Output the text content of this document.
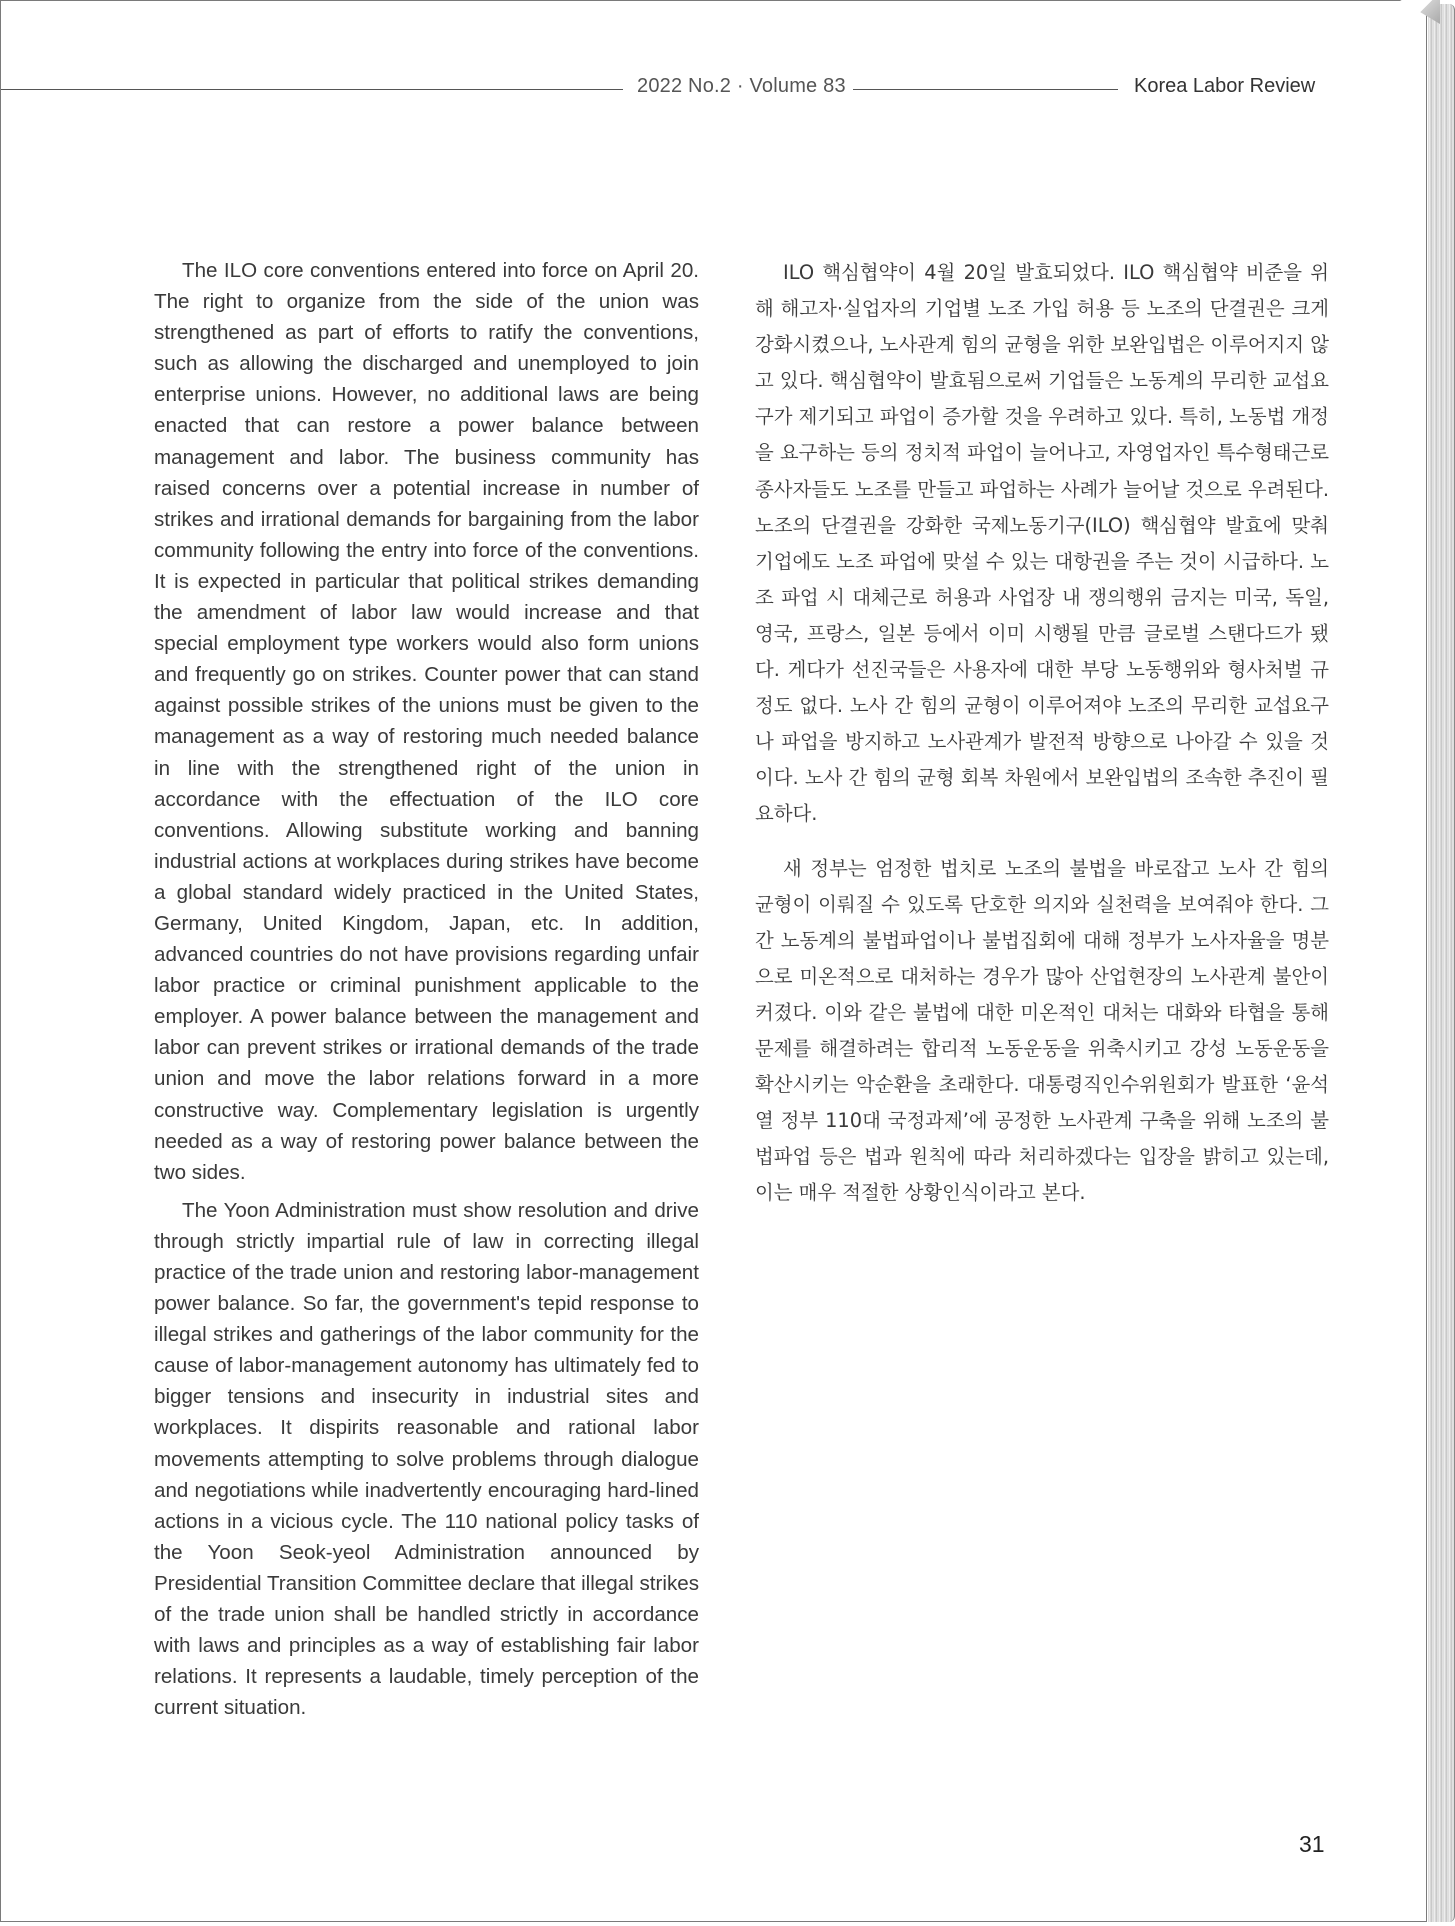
2022 No.2 · Volume 83	Korea Labor Review

The ILO core conventions entered into force on April 20. The right to organize from the side of the union was strengthened as part of efforts to ratify the conventions, such as allowing the discharged and unemployed to join enterprise unions. However, no additional laws are being enacted that can restore a power balance between management and labor. The business community has raised concerns over a potential increase in number of strikes and irrational demands for bargaining from the labor community following the entry into force of the conventions. It is expected in particular that political strikes demanding the amendment of labor law would increase and that special employment type workers would also form unions and frequently go on strikes. Counter power that can stand against possible strikes of the unions must be given to the management as a way of restoring much needed balance in line with the strengthened right of the union in accordance with the effectuation of the ILO core conventions. Allowing substitute working and banning industrial actions at workplaces during strikes have become a global standard widely practiced in the United States, Germany, United Kingdom, Japan, etc. In addition, advanced countries do not have provisions regarding unfair labor practice or criminal punishment applicable to the employer. A power balance between the management and labor can prevent strikes or irrational demands of the trade union and move the labor relations forward in a more constructive way. Complementary legislation is urgently needed as a way of restoring power balance between the two sides.

The Yoon Administration must show resolution and drive through strictly impartial rule of law in correcting illegal practice of the trade union and restoring labor-management power balance. So far, the government's tepid response to illegal strikes and gatherings of the labor community for the cause of labor-management autonomy has ultimately fed to bigger tensions and insecurity in industrial sites and workplaces. It dispirits reasonable and rational labor movements attempting to solve problems through dialogue and negotiations while inadvertently encouraging hard-lined actions in a vicious cycle. The 110 national policy tasks of the Yoon Seok-yeol Administration announced by Presidential Transition Committee declare that illegal strikes of the trade union shall be handled strictly in accordance with laws and principles as a way of establishing fair labor relations. It represents a laudable, timely perception of the current situation.

ILO 핵심협약이 4월 20일 발효되었다. ILO 핵심협약 비준을 위해 해고자·실업자의 기업별 노조 가입 허용 등 노조의 단결권은 크게 강화시켰으나, 노사관계 힘의 균형을 위한 보완입법은 이루어지지 않고 있다. 핵심협약이 발효됨으로써 기업들은 노동계의 무리한 교섭요구가 제기되고 파업이 증가할 것을 우려하고 있다. 특히, 노동법 개정을 요구하는 등의 정치적 파업이 늘어나고, 자영업자인 특수형태근로종사자들도 노조를 만들고 파업하는 사례가 늘어날 것으로 우려된다. 노조의 단결권을 강화한 국제노동기구(ILO) 핵심협약 발효에 맞춰 기업에도 노조 파업에 맞설 수 있는 대항권을 주는 것이 시급하다. 노조 파업 시 대체근로 허용과 사업장 내 쟁의행위 금지는 미국, 독일, 영국, 프랑스, 일본 등에서 이미 시행될 만큼 글로벌 스탠다드가 됐다. 게다가 선진국들은 사용자에 대한 부당 노동행위와 형사처벌 규정도 없다. 노사 간 힘의 균형이 이루어져야 노조의 무리한 교섭요구나 파업을 방지하고 노사관계가 발전적 방향으로 나아갈 수 있을 것이다. 노사 간 힘의 균형 회복 차원에서 보완입법의 조속한 추진이 필요하다.

새 정부는 엄정한 법치로 노조의 불법을 바로잡고 노사 간 힘의 균형이 이뤄질 수 있도록 단호한 의지와 실천력을 보여줘야 한다. 그간 노동계의 불법파업이나 불법집회에 대해 정부가 노사자율을 명분으로 미온적으로 대처하는 경우가 많아 산업현장의 노사관계 불안이 커졌다. 이와 같은 불법에 대한 미온적인 대처는 대화와 타협을 통해 문제를 해결하려는 합리적 노동운동을 위축시키고 강성 노동운동을 확산시키는 악순환을 초래한다. 대통령직인수위원회가 발표한 ‘윤석열 정부 110대 국정과제’에 공정한 노사관계 구축을 위해 노조의 불법파업 등은 법과 원칙에 따라 처리하겠다는 입장을 밝히고 있는데, 이는 매우 적절한 상황인식이라고 본다.

31
